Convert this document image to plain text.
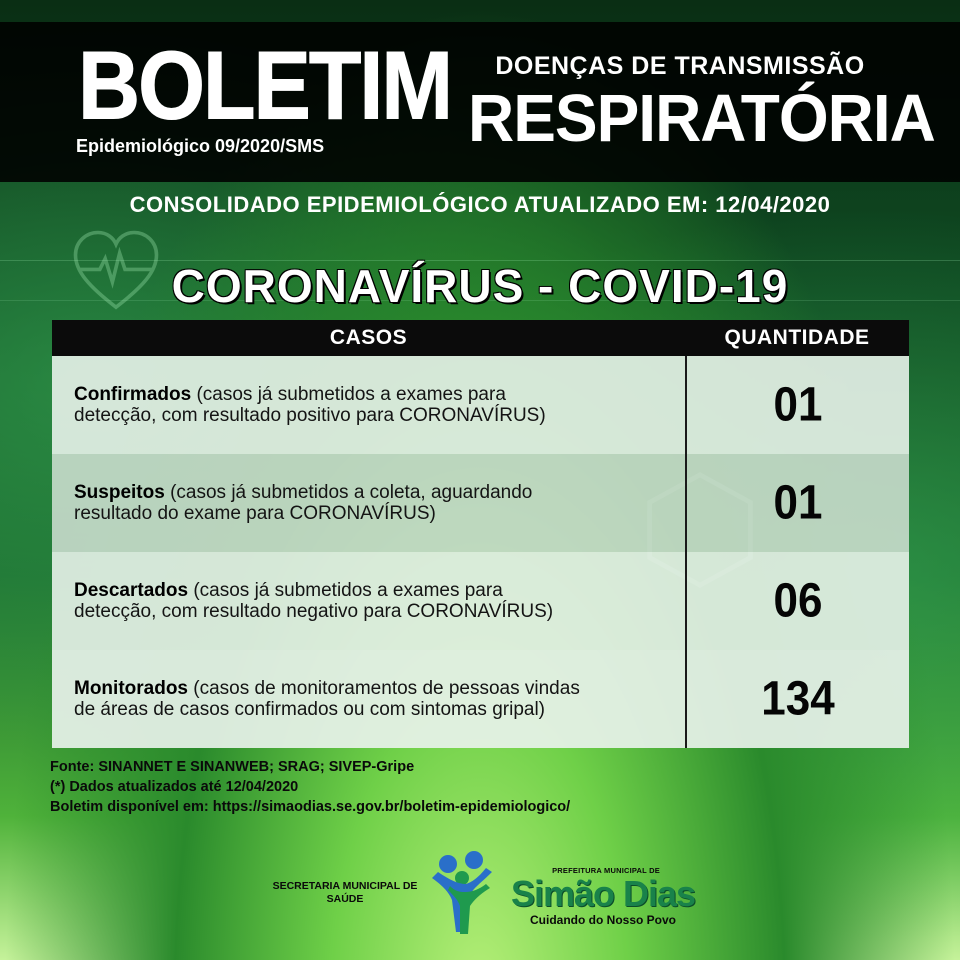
BOLETIM
Epidemiológico 09/2020/SMS
DOENÇAS DE TRANSMISSÃO
RESPIRATÓRIA
CONSOLIDADO EPIDEMIOLÓGICO ATUALIZADO EM: 12/04/2020
CORONAVÍRUS - COVID-19
CASOS	QUANTIDADE
Confirmados (casos já submetidos a exames para
detecção, com resultado positivo para CORONAVÍRUS)	01
Suspeitos (casos já submetidos a coleta, aguardando
resultado do exame para CORONAVÍRUS)	01
Descartados (casos já submetidos a exames para
detecção, com resultado negativo para CORONAVÍRUS)	06
Monitorados (casos de monitoramentos de pessoas vindas
de áreas de casos confirmados ou com sintomas gripal)	134
Fonte: SINANNET E SINANWEB; SRAG; SIVEP-Gripe
(*) Dados atualizados até 12/04/2020
Boletim disponível em: https://simaodias.se.gov.br/boletim-epidemiologico/
SECRETARIA MUNICIPAL DE
SAÚDE
PREFEITURA MUNICIPAL DE
Simão Dias
Cuidando do Nosso Povo
